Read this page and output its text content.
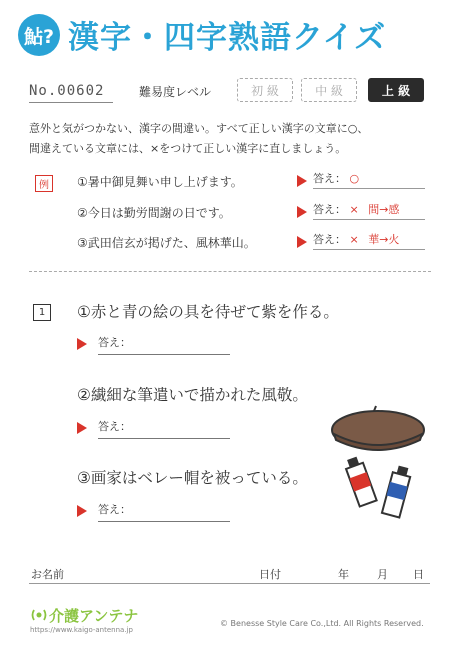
鮎? 漢字・四字熟語クイズ
No.00602	難易度レベル	初 級	中 級	上 級
意外と気がつかない、漢字の間違い。すべて正しい漢字の文章に○、
間違えている文章には、×をつけて正しい漢字に直しましょう。
例	①暑中御見舞い申し上げます。	答え： ○
②今日は勤労間謝の日です。	答え： × 間→感
③武田信玄が掲げた、風林華山。	答え： × 華→火
1	①赤と青の絵の具を待ぜて紫を作る。
答え：
②繊細な筆遣いで描かれた風敬。
答え：
③画家はベレー帽を被っている。
答え：
お名前	日付	年	月 日
介護アンテナ
https://www.kaigo-antenna.jp
© Benesse Style Care Co.,Ltd. All Rights Reserved.
